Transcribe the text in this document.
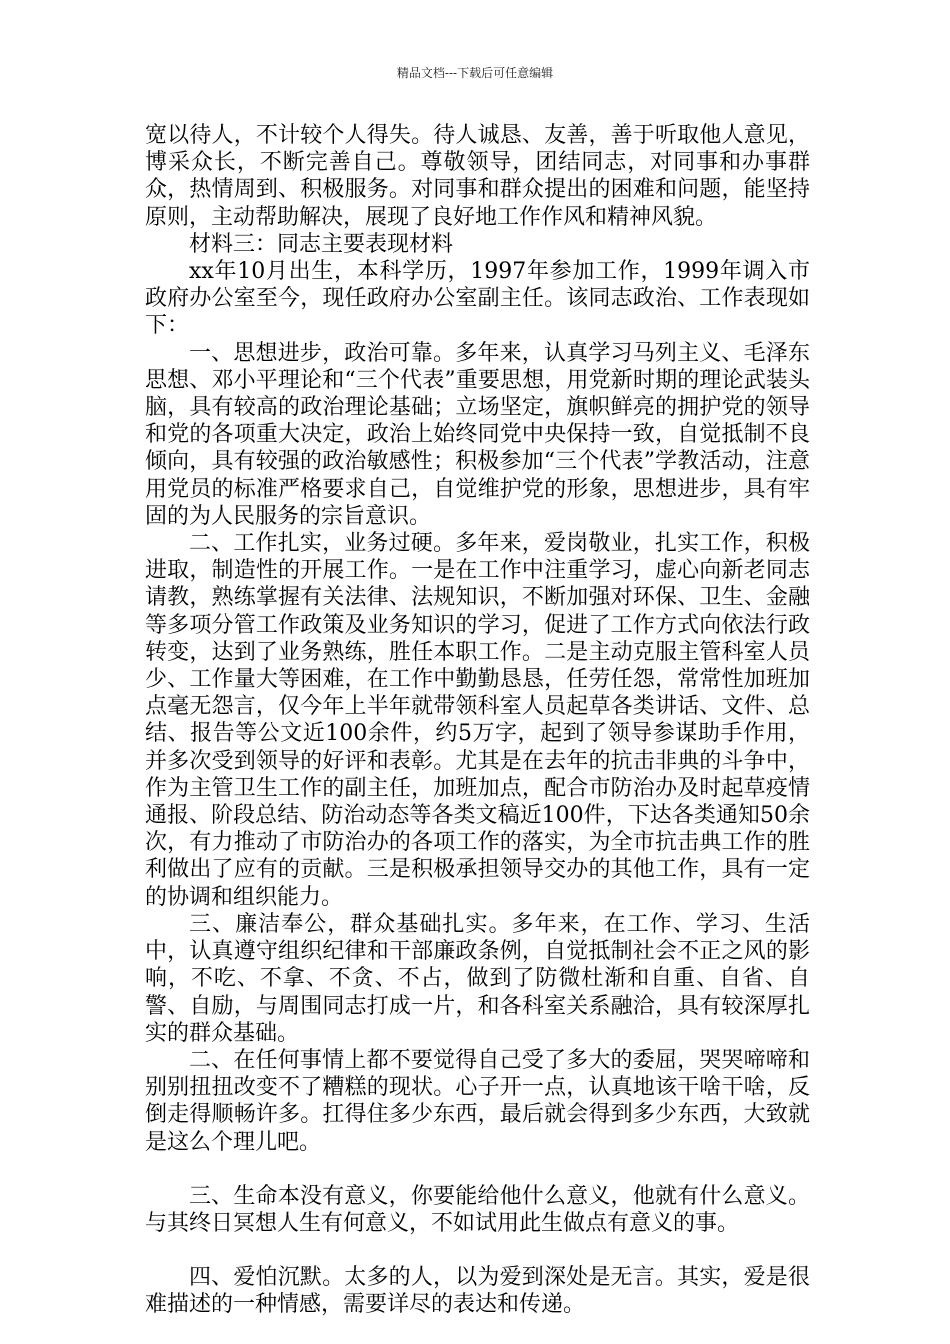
精品文档---下载后可任意编辑

宽以待人，不计较个人得失。待人诚恳、友善，善于听取他人意见，博采众长，不断完善自己。尊敬领导，团结同志，对同事和办事群众，热情周到、积极服务。对同事和群众提出的困难和问题，能坚持原则，主动帮助解决，展现了良好地工作作风和精神风貌。

材料三：同志主要表现材料

xx年10月出生，本科学历，1997年参加工作，1999年调入市政府办公室至今，现任政府办公室副主任。该同志政治、工作表现如下：

一、思想进步，政治可靠。多年来，认真学习马列主义、毛泽东思想、邓小平理论和“三个代表”重要思想，用党新时期的理论武装头脑，具有较高的政治理论基础；立场坚定，旗帜鲜亮的拥护党的领导和党的各项重大决定，政治上始终同党中央保持一致，自觉抵制不良倾向，具有较强的政治敏感性；积极参加“三个代表”学教活动，注意用党员的标准严格要求自己，自觉维护党的形象，思想进步，具有牢固的为人民服务的宗旨意识。

二、工作扎实，业务过硬。多年来，爱岗敬业，扎实工作，积极进取，制造性的开展工作。一是在工作中注重学习，虚心向新老同志请教，熟练掌握有关法律、法规知识，不断加强对环保、卫生、金融等多项分管工作政策及业务知识的学习，促进了工作方式向依法行政转变，达到了业务熟练，胜任本职工作。二是主动克服主管科室人员少、工作量大等困难，在工作中勤勤恳恳，任劳任怨，常常性加班加点毫无怨言，仅今年上半年就带领科室人员起草各类讲话、文件、总结、报告等公文近100余件，约5万字，起到了领导参谋助手作用，并多次受到领导的好评和表彰。尤其是在去年的抗击非典的斗争中，作为主管卫生工作的副主任，加班加点，配合市防治办及时起草疫情通报、阶段总结、防治动态等各类文稿近100件，下达各类通知50余次，有力推动了市防治办的各项工作的落实，为全市抗击典工作的胜利做出了应有的贡献。三是积极承担领导交办的其他工作，具有一定的协调和组织能力。

三、廉洁奉公，群众基础扎实。多年来，在工作、学习、生活中，认真遵守组织纪律和干部廉政条例，自觉抵制社会不正之风的影响，不吃、不拿、不贪、不占，做到了防微杜渐和自重、自省、自警、自励，与周围同志打成一片，和各科室关系融洽，具有较深厚扎实的群众基础。

二、在任何事情上都不要觉得自己受了多大的委屈，哭哭啼啼和别别扭扭改变不了糟糕的现状。心子开一点，认真地该干啥干啥，反倒走得顺畅许多。扛得住多少东西，最后就会得到多少东西，大致就是这么个理儿吧。

三、生命本没有意义，你要能给他什么意义，他就有什么意义。与其终日冥想人生有何意义，不如试用此生做点有意义的事。

四、爱怕沉默。太多的人，以为爱到深处是无言。其实，爱是很难描述的一种情感，需要详尽的表达和传递。
